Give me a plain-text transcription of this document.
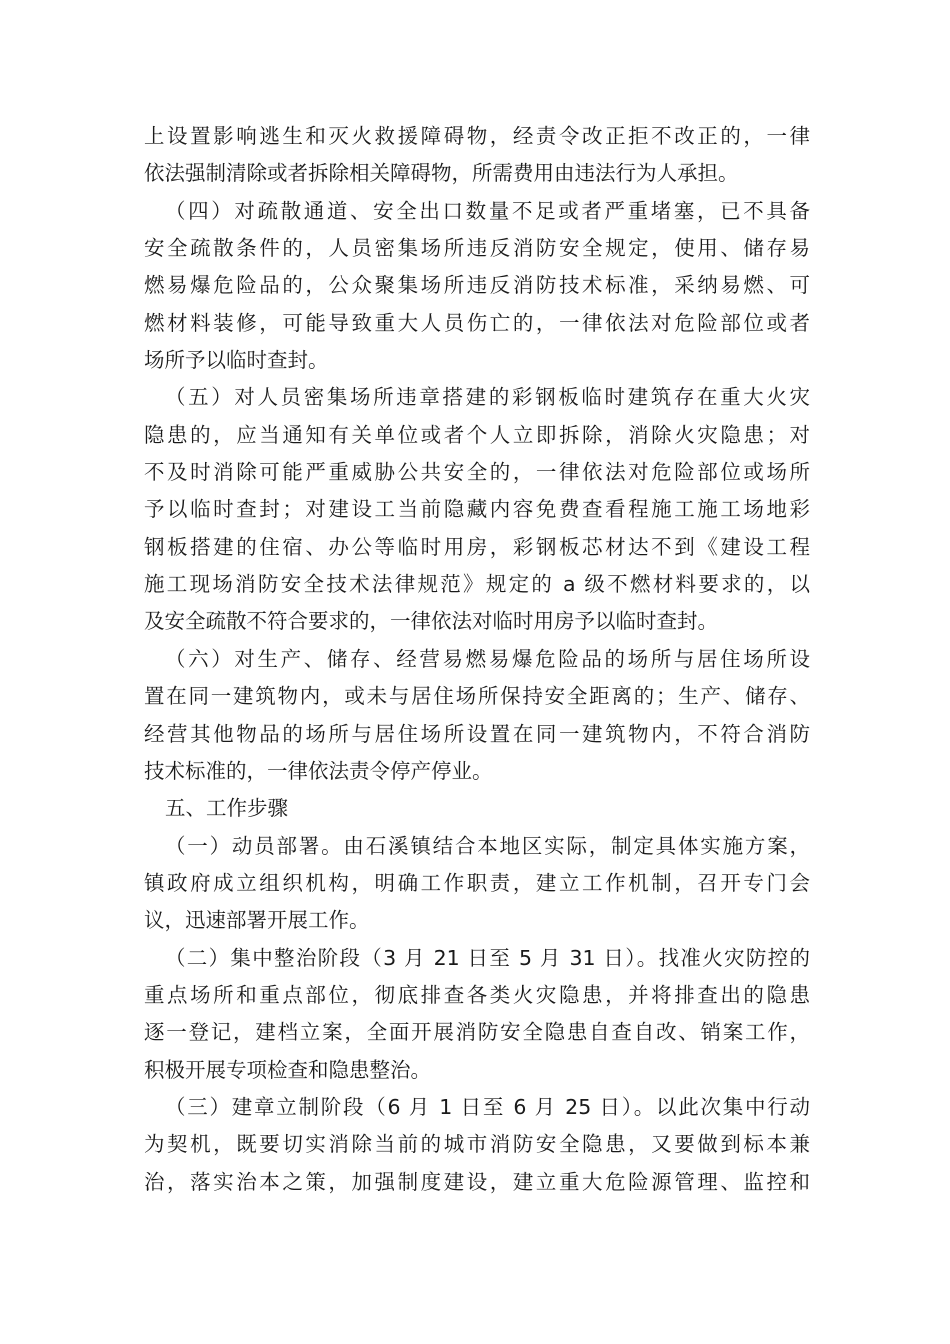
上设置影响逃生和灭火救援障碍物，经责令改正拒不改正的，一律
依法强制清除或者拆除相关障碍物，所需费用由违法行为人承担。
（四）对疏散通道、安全出口数量不足或者严重堵塞，已不具备
安全疏散条件的，人员密集场所违反消防安全规定，使用、储存易
燃易爆危险品的，公众聚集场所违反消防技术标准，采纳易燃、可
燃材料装修，可能导致重大人员伤亡的，一律依法对危险部位或者
场所予以临时查封。
（五）对人员密集场所违章搭建的彩钢板临时建筑存在重大火灾
隐患的，应当通知有关单位或者个人立即拆除，消除火灾隐患；对
不及时消除可能严重威胁公共安全的，一律依法对危险部位或场所
予以临时查封；对建设工当前隐藏内容免费查看程施工施工场地彩
钢板搭建的住宿、办公等临时用房，彩钢板芯材达不到《建设工程
施工现场消防安全技术法律规范》规定的 a 级不燃材料要求的，以
及安全疏散不符合要求的，一律依法对临时用房予以临时查封。
（六）对生产、储存、经营易燃易爆危险品的场所与居住场所设
置在同一建筑物内，或未与居住场所保持安全距离的；生产、储存、
经营其他物品的场所与居住场所设置在同一建筑物内，不符合消防
技术标准的，一律依法责令停产停业。
五、工作步骤
（一）动员部署。由石溪镇结合本地区实际，制定具体实施方案，
镇政府成立组织机构，明确工作职责，建立工作机制，召开专门会
议，迅速部署开展工作。
（二）集中整治阶段（3 月 21 日至 5 月 31 日）。找准火灾防控的
重点场所和重点部位，彻底排查各类火灾隐患，并将排查出的隐患
逐一登记，建档立案，全面开展消防安全隐患自查自改、销案工作，
积极开展专项检查和隐患整治。
（三）建章立制阶段（6 月 1 日至 6 月 25 日）。以此次集中行动
为契机，既要切实消除当前的城市消防安全隐患，又要做到标本兼
治，落实治本之策，加强制度建设，建立重大危险源管理、监控和
